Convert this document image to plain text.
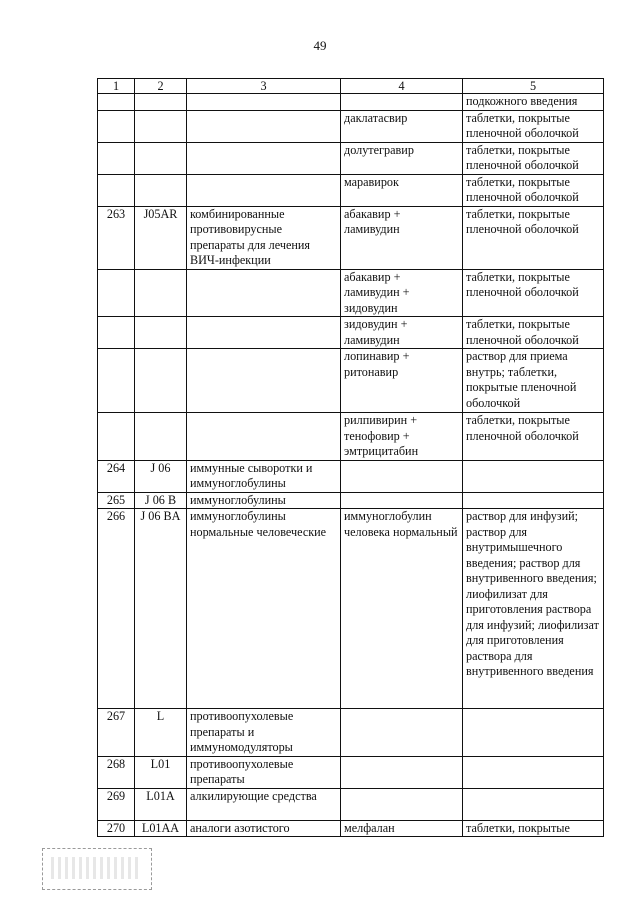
49
1	2	3	4	5
				подкожного введения
			даклатасвир	таблетки, покрытые пленочной оболочкой
			долутегравир	таблетки, покрытые пленочной оболочкой
			маравирок	таблетки, покрытые пленочной оболочкой
263	J05AR	комбинированные противовирусные препараты для лечения ВИЧ-инфекции	абакавир + ламивудин	таблетки, покрытые пленочной оболочкой
			абакавир + ламивудин + зидовудин	таблетки, покрытые пленочной оболочкой
			зидовудин + ламивудин	таблетки, покрытые пленочной оболочкой
			лопинавир + ритонавир	раствор для приема внутрь; таблетки, покрытые пленочной оболочкой
			рилпивирин + тенофовир + эмтрицитабин	таблетки, покрытые пленочной оболочкой
264	J 06	иммунные сыворотки и иммуноглобулины		
265	J 06 B	иммуноглобулины		
266	J 06 BA	иммуноглобулины нормальные человеческие	иммуноглобулин человека нормальный	раствор для инфузий; раствор для внутримышечного введения; раствор для внутривенного введения; лиофилизат для приготовления раствора для инфузий; лиофилизат для приготовления раствора для внутривенного введения
267	L	противоопухолевые препараты и иммуномодуляторы		
268	L01	противоопухолевые препараты		
269	L01A	алкилирующие средства		
270	L01AA	аналоги азотистого	мелфалан	таблетки, покрытые
